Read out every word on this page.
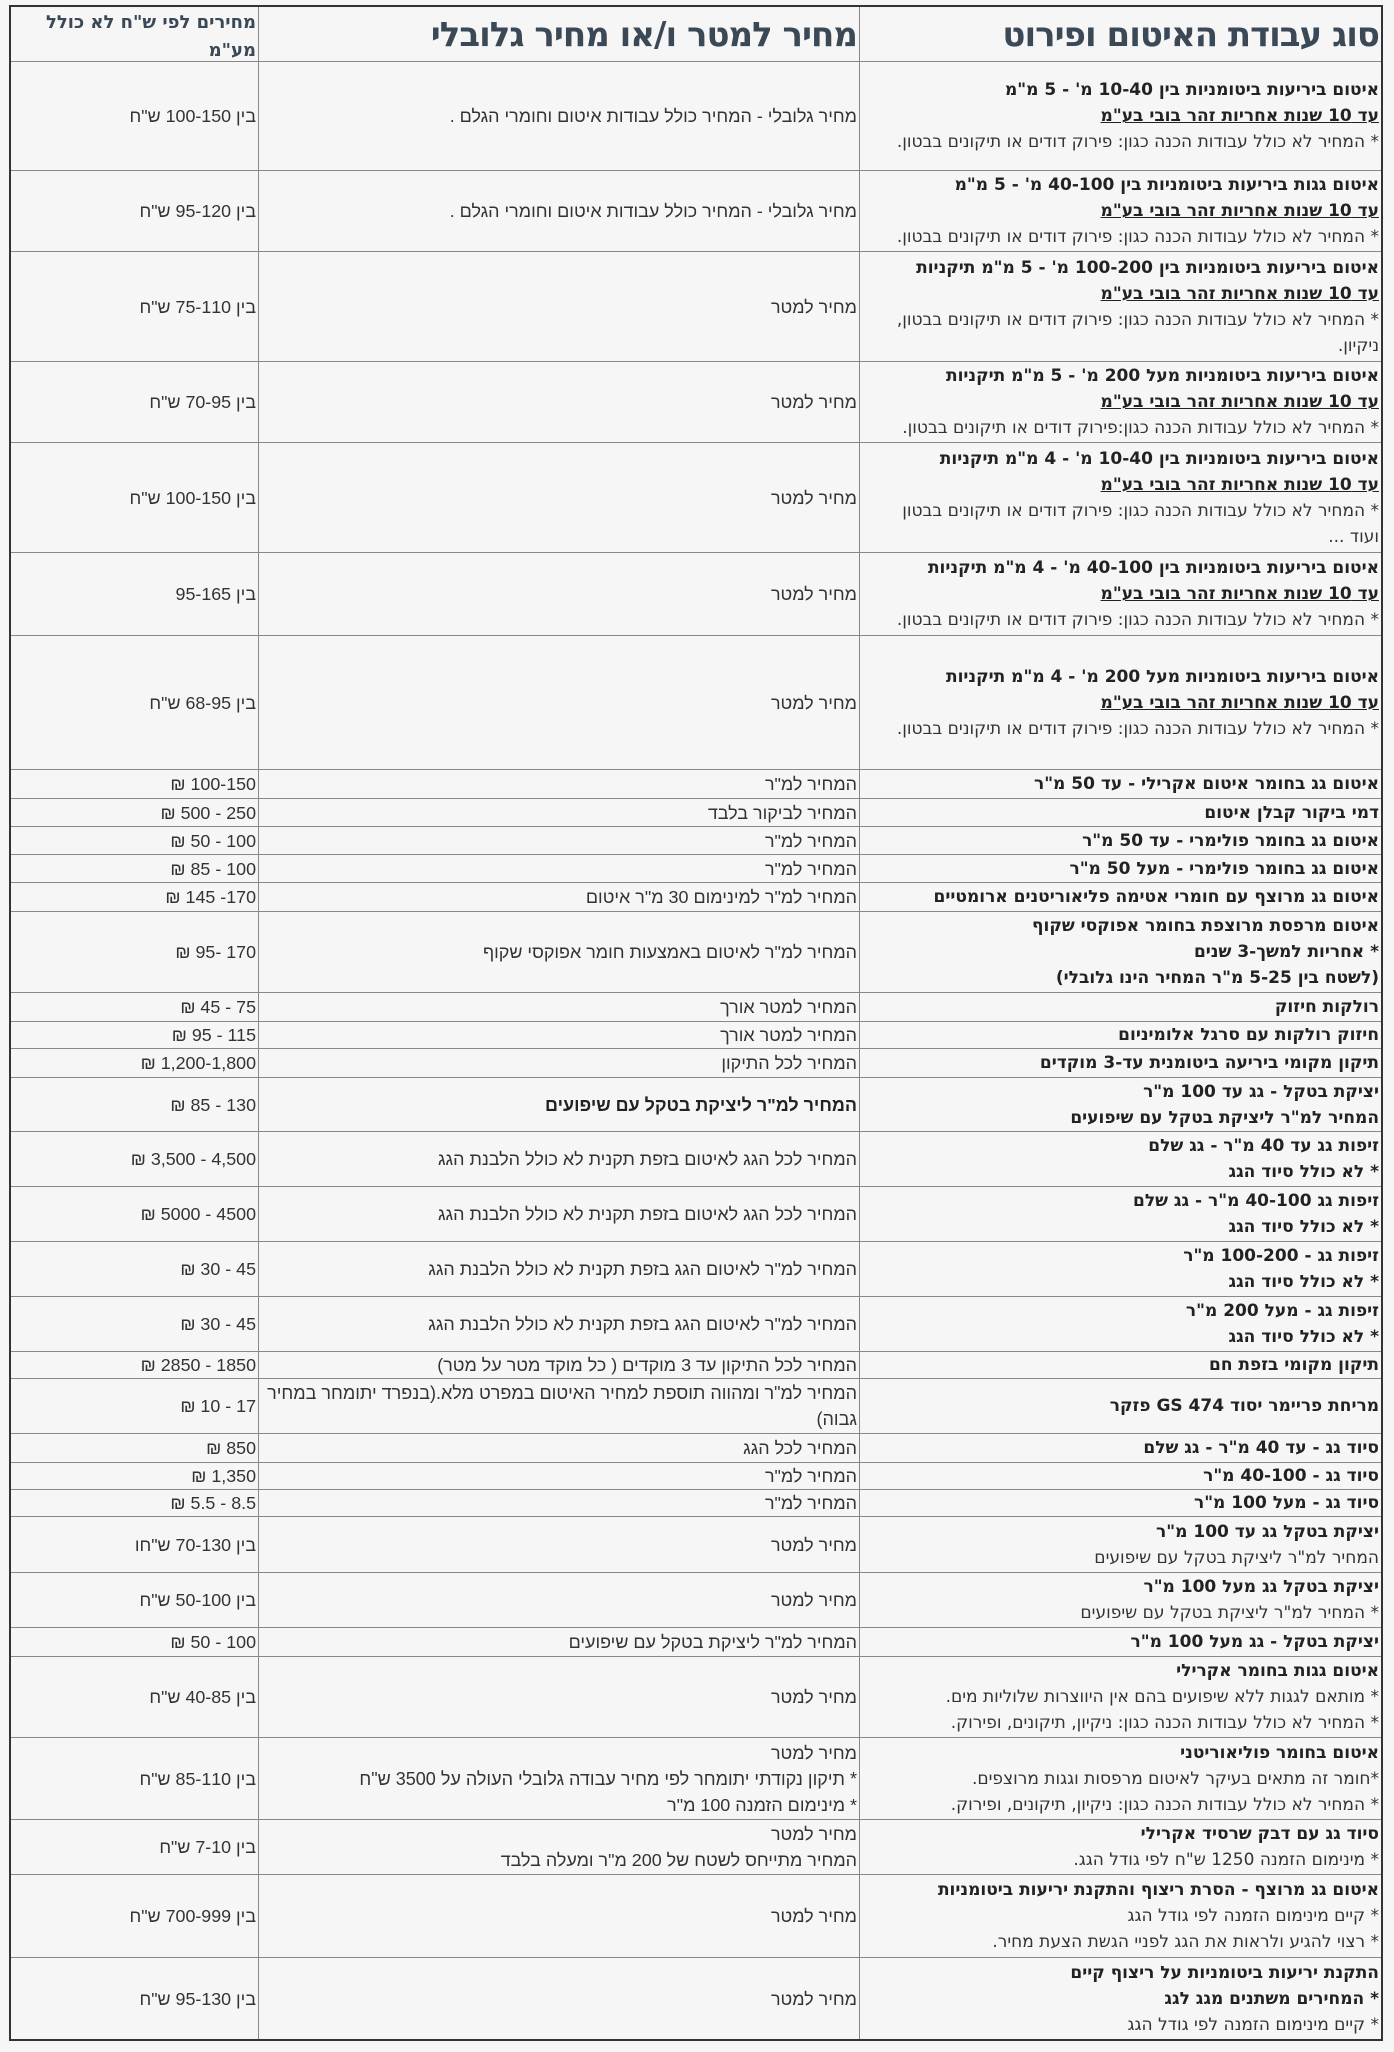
סוג עבודת האיטום ופירוט
מחיר למטר ו/או מחיר גלובלי
מחירים לפי ש"ח לא כולל מע"מ
איטום ביריעות ביטומניות בין 10-40 מ' - 5 מ"מ
עד 10 שנות אחריות זהר בובי בע"מ
* המחיר לא כולל עבודות הכנה כגון: פירוק דודים או תיקונים בבטון.
מחיר גלובלי - המחיר כולל עבודות איטום וחומרי הגלם .
בין 100-150 ש"ח
איטום גגות ביריעות ביטומניות בין 40-100 מ' - 5 מ"מ
עד 10 שנות אחריות זהר בובי בע"מ
* המחיר לא כולל עבודות הכנה כגון: פירוק דודים או תיקונים בבטון.
מחיר גלובלי - המחיר כולל עבודות איטום וחומרי הגלם .
בין 95-120 ש"ח
איטום ביריעות ביטומניות בין 100-200 מ' - 5 מ"מ תיקניות
עד 10 שנות אחריות זהר בובי בע"מ
* המחיר לא כולל עבודות הכנה כגון: פירוק דודים או תיקונים בבטון,
ניקיון.
מחיר למטר
בין 75-110 ש"ח
איטום ביריעות ביטומניות מעל 200 מ' - 5 מ"מ תיקניות
עד 10 שנות אחריות זהר בובי בע"מ
* המחיר לא כולל עבודות הכנה כגון:פירוק דודים או תיקונים בבטון.
מחיר למטר
בין 70-95 ש"ח
איטום ביריעות ביטומניות בין 10-40 מ' - 4 מ"מ תיקניות
עד 10 שנות אחריות זהר בובי בע"מ
* המחיר לא כולל עבודות הכנה כגון: פירוק דודים או תיקונים בבטון
ועוד ...
מחיר למטר
בין 100-150 ש"ח
איטום ביריעות ביטומניות בין 40-100 מ' - 4 מ"מ תיקניות
עד 10 שנות אחריות זהר בובי בע"מ
* המחיר לא כולל עבודות הכנה כגון: פירוק דודים או תיקונים בבטון.
מחיר למטר
בין 95-165
איטום ביריעות ביטומניות מעל 200 מ' - 4 מ"מ תיקניות
עד 10 שנות אחריות זהר בובי בע"מ
* המחיר לא כולל עבודות הכנה כגון: פירוק דודים או תיקונים בבטון.
מחיר למטר
בין 68-95 ש"ח
איטום גג בחומר איטום אקרילי - עד 50 מ"ר
המחיר למ"ר
100-150 ₪
דמי ביקור קבלן איטום
המחיר לביקור בלבד
250 - 500 ₪
איטום גג בחומר פולימרי - עד 50 מ"ר
המחיר למ"ר
100 - 50 ₪
איטום גג בחומר פולימרי - מעל 50 מ"ר
המחיר למ"ר
100 - 85 ₪
איטום גג מרוצף עם חומרי אטימה פליאוריטנים ארומטיים
המחיר למ"ר למינימום 30 מ"ר איטום
170- 145 ₪
איטום מרפסת מרוצפת בחומר אפוקסי שקוף
* אחריות למשך-3 שנים
(לשטח בין 5-25 מ"ר המחיר הינו גלובלי)
המחיר למ"ר לאיטום באמצעות חומר אפוקסי שקוף
170 -95 ₪
רולקות חיזוק
המחיר למטר אורך
75 - 45 ₪
חיזוק רולקות עם סרגל אלומיניום
המחיר למטר אורך
115 - 95 ₪
תיקון מקומי ביריעה ביטומנית עד-3 מוקדים
המחיר לכל התיקון
1,200-1,800 ₪
יציקת בטקל - גג עד 100 מ"ר
המחיר למ"ר ליציקת בטקל עם שיפועים
המחיר למ"ר ליציקת בטקל עם שיפועים
130 - 85 ₪
זיפות גג עד 40 מ"ר - גג שלם
* לא כולל סיוד הגג
המחיר לכל הגג לאיטום בזפת תקנית לא כולל הלבנת הגג
4,500 - 3,500 ₪
זיפות גג 40-100 מ"ר - גג שלם
* לא כולל סיוד הגג
המחיר לכל הגג לאיטום בזפת תקנית לא כולל הלבנת הגג
4500 - 5000 ₪
זיפות גג - 100-200 מ"ר
* לא כולל סיוד הגג
המחיר למ"ר לאיטום הגג בזפת תקנית לא כולל הלבנת הגג
45 - 30 ₪
זיפות גג - מעל 200 מ"ר
* לא כולל סיוד הגג
המחיר למ"ר לאיטום הגג בזפת תקנית לא כולל הלבנת הגג
45 - 30 ₪
תיקון מקומי בזפת חם
המחיר לכל התיקון עד 3 מוקדים ( כל מוקד מטר על מטר)
1850 - 2850 ₪
מריחת פריימר יסוד GS 474 פזקר
המחיר למ"ר ומהווה תוספת למחיר האיטום במפרט מלא.(בנפרד יתומחר במחיר גבוה)
17 - 10 ₪
סיוד גג - עד 40 מ"ר - גג שלם
המחיר לכל הגג
850 ₪
סיוד גג - 40-100 מ"ר
המחיר למ"ר
1,350 ₪
סיוד גג - מעל 100 מ"ר
המחיר למ"ר
8.5 - 5.5 ₪
יציקת בטקל גג עד 100 מ"ר
המחיר למ"ר ליציקת בטקל עם שיפועים
מחיר למטר
בין 70-130 ש"חו
יציקת בטקל גג מעל 100 מ"ר
* המחיר למ"ר ליציקת בטקל עם שיפועים
מחיר למטר
בין 50-100 ש"ח
יציקת בטקל - גג מעל 100 מ"ר
המחיר למ"ר ליציקת בטקל עם שיפועים
100 - 50 ₪
איטום גגות בחומר אקרילי
* מותאם לגגות ללא שיפועים בהם אין היווצרות שלוליות מים.
* המחיר לא כולל עבודות הכנה כגון: ניקיון, תיקונים, ופירוק.
מחיר למטר
בין 40-85 ש"ח
איטום בחומר פוליאוריטני
*חומר זה מתאים בעיקר לאיטום מרפסות וגגות מרוצפים.
* המחיר לא כולל עבודות הכנה כגון: ניקיון, תיקונים, ופירוק.
מחיר למטר
* תיקון נקודתי יתומחר לפי מחיר עבודה גלובלי העולה על 3500 ש"ח
* מינימום הזמנה 100 מ"ר
בין 85-110 ש"ח
סיוד גג עם דבק שרסיד אקרילי
* מינימום הזמנה 1250 ש"ח לפי גודל הגג.
מחיר למטר
המחיר מתייחס לשטח של 200 מ"ר ומעלה בלבד
בין 7-10 ש"ח
איטום גג מרוצף - הסרת ריצוף והתקנת יריעות ביטומניות
* קיים מינימום הזמנה לפי גודל הגג
* רצוי להגיע ולראות את הגג לפניי הגשת הצעת מחיר.
מחיר למטר
בין 700-999 ש"ח
התקנת יריעות ביטומניות על ריצוף קיים
* המחירים משתנים מגג לגג
* קיים מינימום הזמנה לפי גודל הגג
מחיר למטר
בין 95-130 ש"ח
